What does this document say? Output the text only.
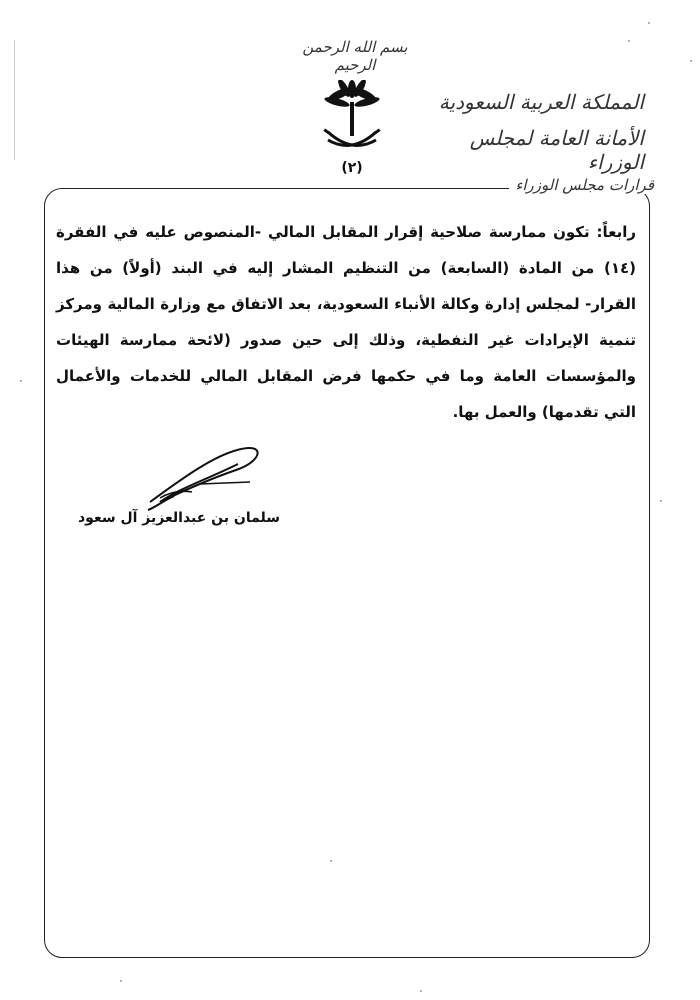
بسم الله الرحمن الرحيم
(٢)
المملكة العربية السعودية
الأمانة العامة لمجلس الوزراء
قرارات مجلس الوزراء

رابعاً: تكون ممارسة صلاحية إقرار المقابل المالي -المنصوص عليه في الفقرة (١٤) من المادة (السابعة) من التنظيم المشار إليه في البند (أولاً) من هذا القرار- لمجلس إدارة وكالة الأنباء السعودية، بعد الاتفاق مع وزارة المالية ومركز تنمية الإيرادات غير النفطية، وذلك إلى حين صدور (لائحة ممارسة الهيئات والمؤسسات العامة وما في حكمها فرض المقابل المالي للخدمات والأعمال التي تقدمها) والعمل بها.

سلمان بن عبدالعزيز آل سعود
